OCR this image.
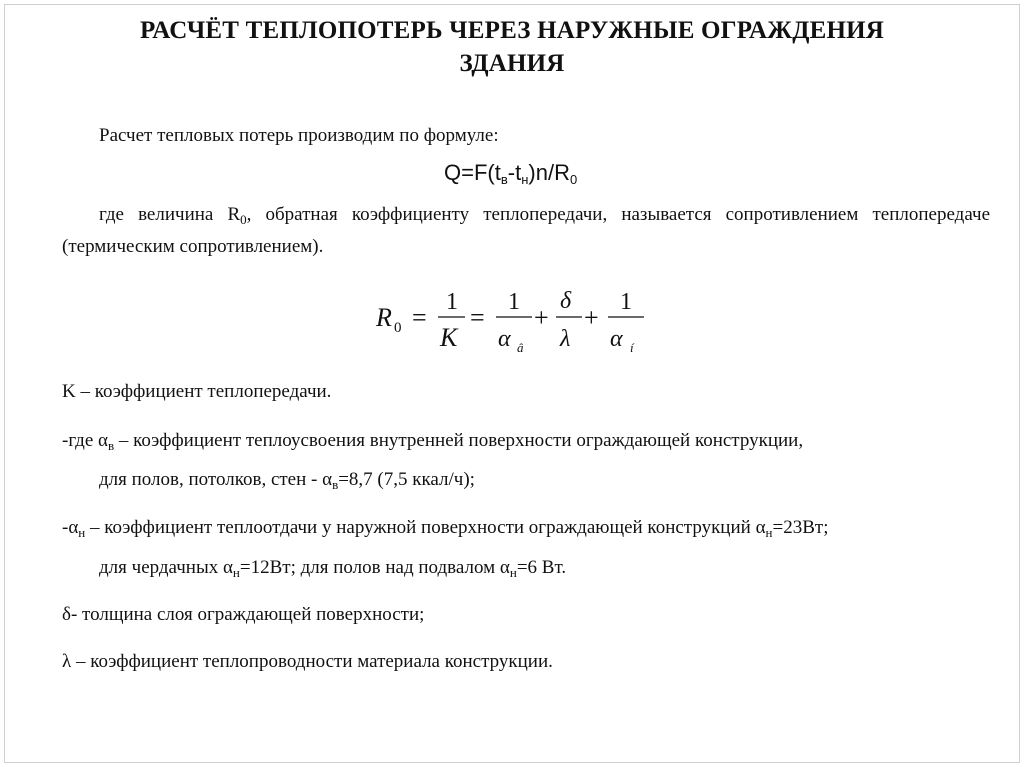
РАСЧЁТ ТЕПЛОПОТЕРЬ ЧЕРЕЗ НАРУЖНЫЕ ОГРАЖДЕНИЯ
ЗДАНИЯ
Расчет тепловых потерь производим по формуле:
$Q=F(t_в-t_н)n/R_0$
где величина $R_0$, обратная коэффициенту теплопередачи, называется сопротивлением теплопередаче (термическим сопротивлением).
R 0 =
1
K
=
1
α â
+
δ
λ
+
1
α í
K – коэффициент теплопередачи.
-где $\alpha_в$ – коэффициент теплоусвоения внутренней поверхности ограждающей конструкции,
для полов, потолков, стен - $\alpha_в=8,7$ (7,5 ккал/ч);
$-\alpha_н$ – коэффициент теплоотдачи у наружной поверхности ограждающей конструкций $\alpha_н=23Вт$;
для чердачных $\alpha_н=12Вт$; для полов над подвалом $\alpha_н=6$ Вт.
δ- толщина слоя ограждающей поверхности;
λ – коэффициент теплопроводности материала конструкции.
